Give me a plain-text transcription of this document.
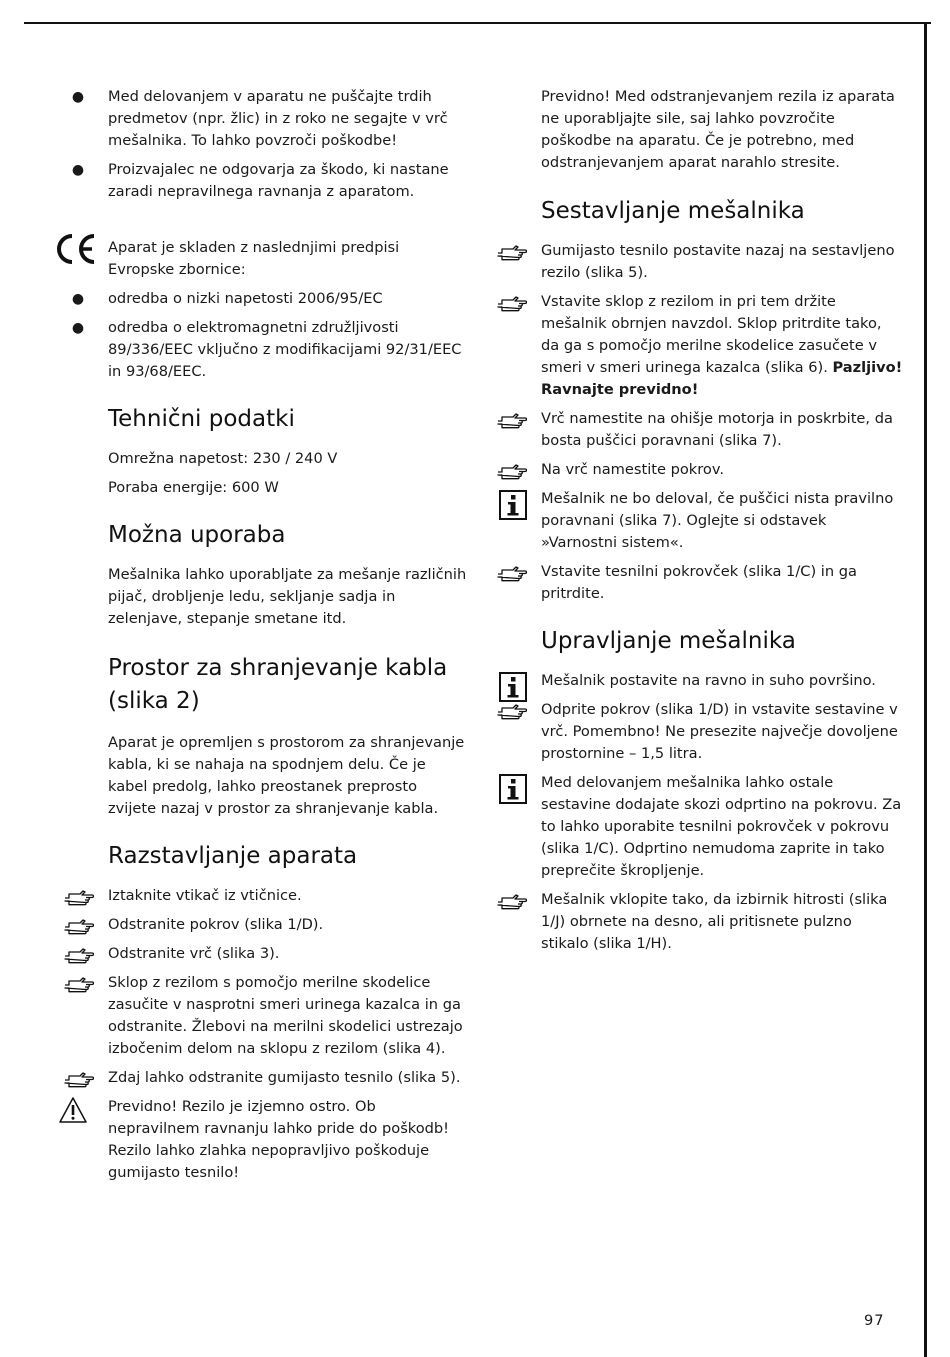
● Med delovanjem v aparatu ne puščajte trdih predmetov (npr. žlic) in z roko ne segajte v vrč mešalnika. To lahko povzroči poškodbe!
● Proizvajalec ne odgovarja za škodo, ki nastane zaradi nepravilnega ravnanja z aparatom.
Aparat je skladen z naslednjimi predpisi Evropske zbornice:
● odredba o nizki napetosti 2006/95/EC
● odredba o elektromagnetni združljivosti 89/336/EEC vključno z modifikacijami 92/31/EEC in 93/68/EEC.
Tehnični podatki

Omrežna napetost: 230 / 240 V

Poraba energije: 600 W

Možna uporaba

Mešalnika lahko uporabljate za mešanje različnih pijač, drobljenje ledu, sekljanje sadja in zelenjave, stepanje smetane itd.

Prostor za shranjevanje kabla (slika 2)

Aparat je opremljen s prostorom za shranjevanje kabla, ki se nahaja na spodnjem delu. Če je kabel predolg, lahko preostanek preprosto zvijete nazaj v prostor za shranjevanje kabla.

Razstavljanje aparata
Iztaknite vtikač iz vtičnice.
Odstranite pokrov (slika 1/D).
Odstranite vrč (slika 3).
Sklop z rezilom s pomočjo merilne skodelice zasučite v nasprotni smeri urinega kazalca in ga odstranite. Žlebovi na merilni skodelici ustrezajo izbočenim delom na sklopu z rezilom (slika 4).
Zdaj lahko odstranite gumijasto tesnilo (slika 5).
Previdno! Rezilo je izjemno ostro. Ob nepravilnem ravnanju lahko pride do poškodb! Rezilo lahko zlahka nepopravljivo poškoduje gumijasto tesnilo!

Previdno! Med odstranjevanjem rezila iz aparata ne uporabljajte sile, saj lahko povzročite poškodbe na aparatu. Če je potrebno, med odstranjevanjem aparat narahlo stresite.

Sestavljanje mešalnika
Gumijasto tesnilo postavite nazaj na sestavljeno rezilo (slika 5).
Vstavite sklop z rezilom in pri tem držite mešalnik obrnjen navzdol. Sklop pritrdite tako, da ga s pomočjo merilne skodelice zasučete v smeri v smeri urinega kazalca (slika 6). Pazljivo! Ravnajte previdno!
Vrč namestite na ohišje motorja in poskrbite, da bosta puščici poravnani (slika 7).
Na vrč namestite pokrov.
Mešalnik ne bo deloval, če puščici nista pravilno poravnani (slika 7). Oglejte si odstavek »Varnostni sistem«.
Vstavite tesnilni pokrovček (slika 1/C) in ga pritrdite.
Upravljanje mešalnika
Mešalnik postavite na ravno in suho površino.
Odprite pokrov (slika 1/D) in vstavite sestavine v vrč. Pomembno! Ne presezite največje dovoljene prostornine – 1,5 litra.
Med delovanjem mešalnika lahko ostale sestavine dodajate skozi odprtino na pokrovu. Za to lahko uporabite tesnilni pokrovček v pokrovu (slika 1/C). Odprtino nemudoma zaprite in tako preprečite škropljenje.
Mešalnik vklopite tako, da izbirnik hitrosti (slika 1/J) obrnete na desno, ali pritisnete pulzno stikalo (slika 1/H).
97
